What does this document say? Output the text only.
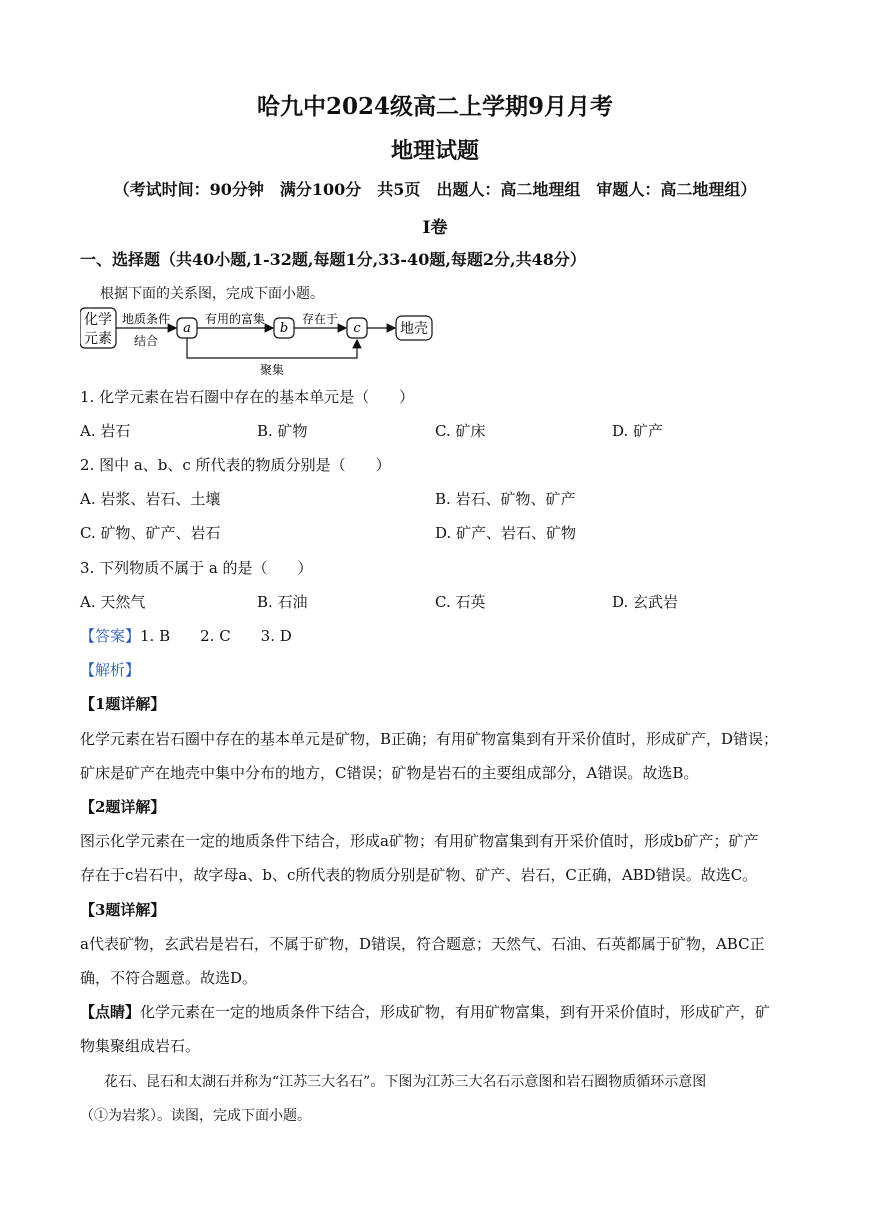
哈九中2024级高二上学期9月月考
地理试题
（考试时间：90分钟　满分100分　共5页　出题人：高二地理组　审题人：高二地理组）
Ⅰ卷
一、选择题（共40小题,1-32题,每题1分,33-40题,每题2分,共48分）
根据下面的关系图，完成下面小题。
化学
元素
地质条件
结合
a
有用的富集
b
存在于
c	地壳
聚集
1. 化学元素在岩石圈中存在的基本单元是（　　）
A. 岩石	B. 矿物	C. 矿床	D. 矿产
2. 图中 a、b、c 所代表的物质分别是（　　）
A. 岩浆、岩石、土壤	B. 岩石、矿物、矿产
C. 矿物、矿产、岩石	D. 矿产、岩石、矿物
3. 下列物质不属于 a 的是（　　）
A. 天然气	B. 石油	C. 石英	D. 玄武岩
【答案】1. B　　2. C　　3. D
【解析】
【1题详解】
化学元素在岩石圈中存在的基本单元是矿物，B正确；有用矿物富集到有开采价值时，形成矿产，D错误；
矿床是矿产在地壳中集中分布的地方，C错误；矿物是岩石的主要组成部分，A错误。故选B。
【2题详解】
图示化学元素在一定的地质条件下结合，形成a矿物；有用矿物富集到有开采价值时，形成b矿产；矿产
存在于c岩石中，故字母a、b、c所代表的物质分别是矿物、矿产、岩石，C正确，ABD错误。故选C。
【3题详解】
a代表矿物，玄武岩是岩石，不属于矿物，D错误，符合题意；天然气、石油、石英都属于矿物，ABC正
确，不符合题意。故选D。
【点睛】化学元素在一定的地质条件下结合，形成矿物，有用矿物富集，到有开采价值时，形成矿产，矿
物集聚组成岩石。
花石、昆石和太湖石并称为“江苏三大名石”。下图为江苏三大名石示意图和岩石圈物质循环示意图
（①为岩浆）。读图，完成下面小题。
